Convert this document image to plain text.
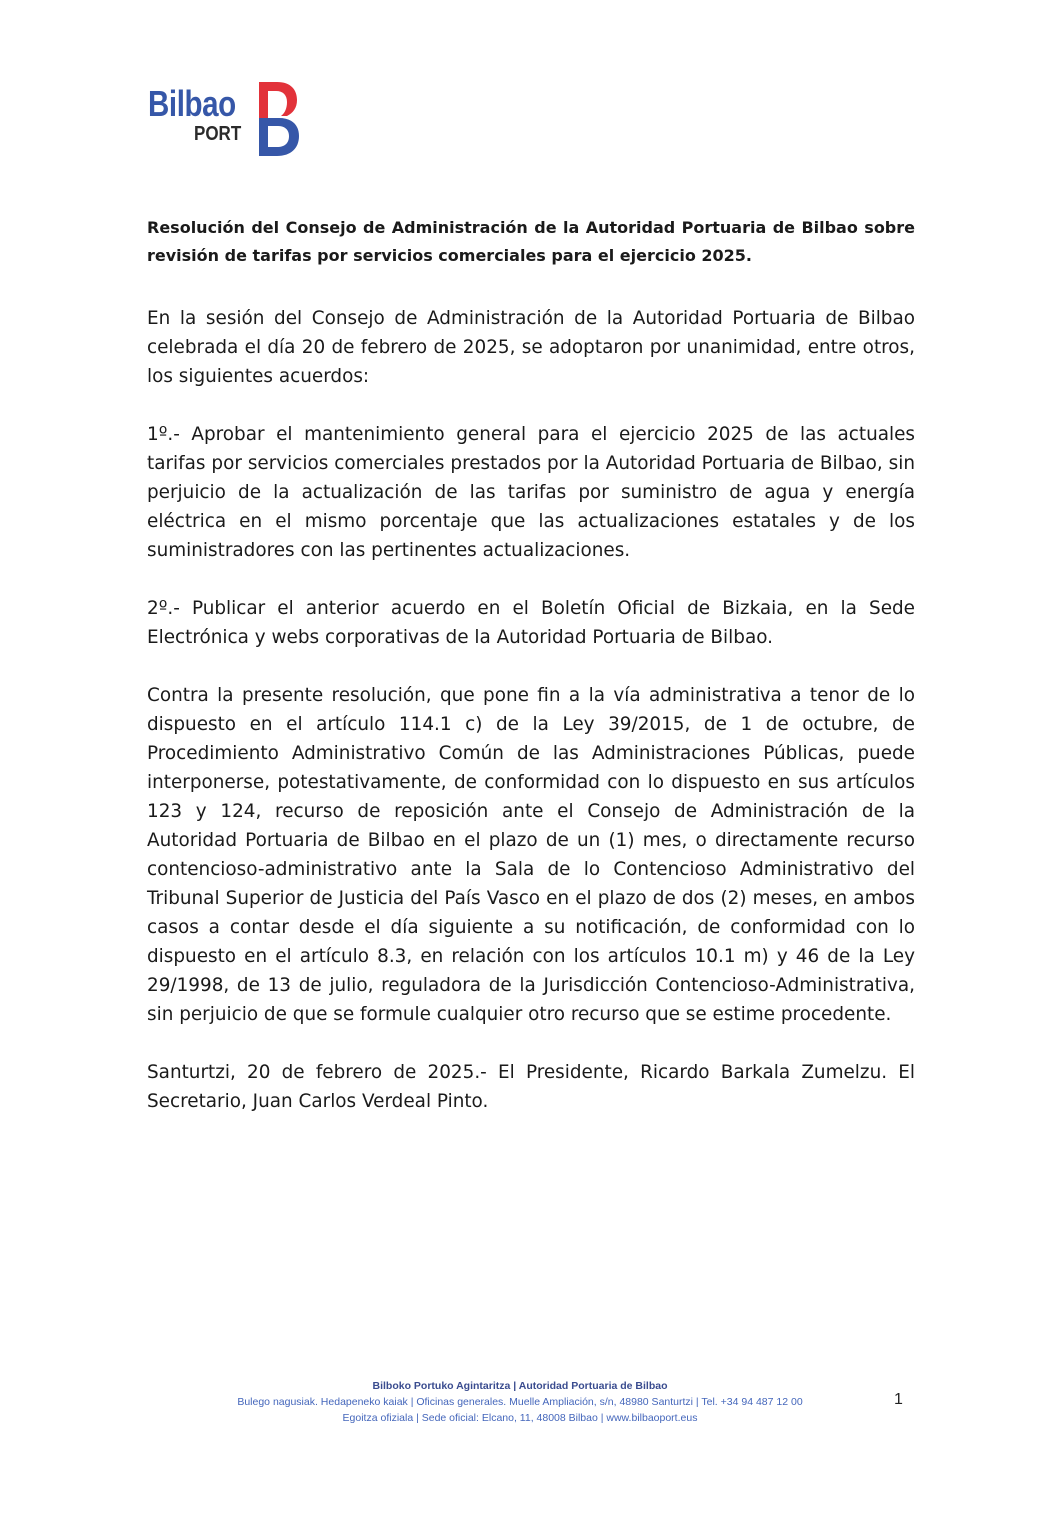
Bilbao
PORT

Resolución del Consejo de Administración de la Autoridad Portuaria de Bilbao sobre revisión de tarifas por servicios comerciales para el ejercicio 2025.

En la sesión del Consejo de Administración de la Autoridad Portuaria de Bilbao celebrada el día 20 de febrero de 2025, se adoptaron por unanimidad, entre otros, los siguientes acuerdos:

1º.- Aprobar el mantenimiento general para el ejercicio 2025 de las actuales tarifas por servicios comerciales prestados por la Autoridad Portuaria de Bilbao, sin perjuicio de la actualización de las tarifas por suministro de agua y energía eléctrica en el mismo porcentaje que las actualizaciones estatales y de los suministradores con las pertinentes actualizaciones.

2º.- Publicar el anterior acuerdo en el Boletín Oficial de Bizkaia, en la Sede Electrónica y webs corporativas de la Autoridad Portuaria de Bilbao.

Contra la presente resolución, que pone fin a la vía administrativa a tenor de lo dispuesto en el artículo 114.1 c) de la Ley 39/2015, de 1 de octubre, de Procedimiento Administrativo Común de las Administraciones Públicas, puede interponerse, potestativamente, de conformidad con lo dispuesto en sus artículos 123 y 124, recurso de reposición ante el Consejo de Administración de la Autoridad Portuaria de Bilbao en el plazo de un (1) mes, o directamente recurso contencioso-administrativo ante la Sala de lo Contencioso Administrativo del Tribunal Superior de Justicia del País Vasco en el plazo de dos (2) meses, en ambos casos a contar desde el día siguiente a su notificación, de conformidad con lo dispuesto en el artículo 8.3, en relación con los artículos 10.1 m) y 46 de la Ley 29/1998, de 13 de julio, reguladora de la Jurisdicción Contencioso-Administrativa, sin perjuicio de que se formule cualquier otro recurso que se estime procedente.

Santurtzi, 20 de febrero de 2025.- El Presidente, Ricardo Barkala Zumelzu. El Secretario, Juan Carlos Verdeal Pinto.

Bilboko Portuko Agintaritza | Autoridad Portuaria de Bilbao
Bulego nagusiak. Hedapeneko kaiak | Oficinas generales. Muelle Ampliación, s/n, 48980 Santurtzi | Tel. +34 94 487 12 00
Egoitza ofiziala | Sede oficial: Elcano, 11, 48008 Bilbao | www.bilbaoport.eus
1
